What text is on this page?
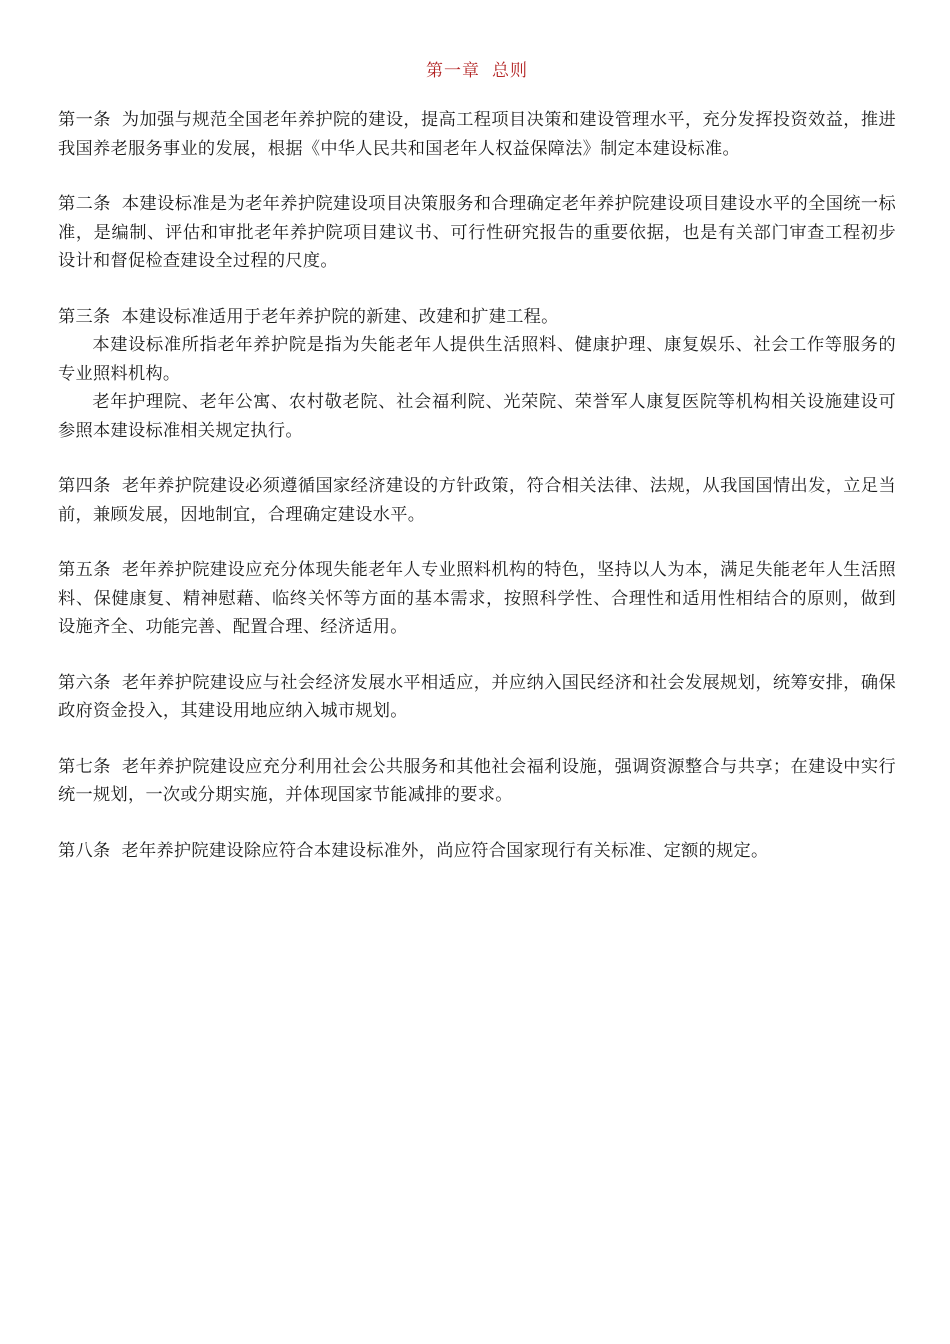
第一章 总则

第一条 为加强与规范全国老年养护院的建设，提高工程项目决策和建设管理水平，充分发挥投资效益，推进我国养老服务事业的发展，根据《中华人民共和国老年人权益保障法》制定本建设标准。

第二条 本建设标准是为老年养护院建设项目决策服务和合理确定老年养护院建设项目建设水平的全国统一标准，是编制、评估和审批老年养护院项目建议书、可行性研究报告的重要依据，也是有关部门审查工程初步设计和督促检查建设全过程的尺度。

第三条 本建设标准适用于老年养护院的新建、改建和扩建工程。

本建设标准所指老年养护院是指为失能老年人提供生活照料、健康护理、康复娱乐、社会工作等服务的专业照料机构。

老年护理院、老年公寓、农村敬老院、社会福利院、光荣院、荣誉军人康复医院等机构相关设施建设可参照本建设标准相关规定执行。

第四条 老年养护院建设必须遵循国家经济建设的方针政策，符合相关法律、法规，从我国国情出发，立足当前，兼顾发展，因地制宜，合理确定建设水平。

第五条 老年养护院建设应充分体现失能老年人专业照料机构的特色，坚持以人为本，满足失能老年人生活照料、保健康复、精神慰藉、临终关怀等方面的基本需求，按照科学性、合理性和适用性相结合的原则，做到设施齐全、功能完善、配置合理、经济适用。

第六条 老年养护院建设应与社会经济发展水平相适应，并应纳入国民经济和社会发展规划，统筹安排，确保政府资金投入，其建设用地应纳入城市规划。

第七条 老年养护院建设应充分利用社会公共服务和其他社会福利设施，强调资源整合与共享；在建设中实行统一规划，一次或分期实施，并体现国家节能减排的要求。

第八条 老年养护院建设除应符合本建设标准外，尚应符合国家现行有关标准、定额的规定。
